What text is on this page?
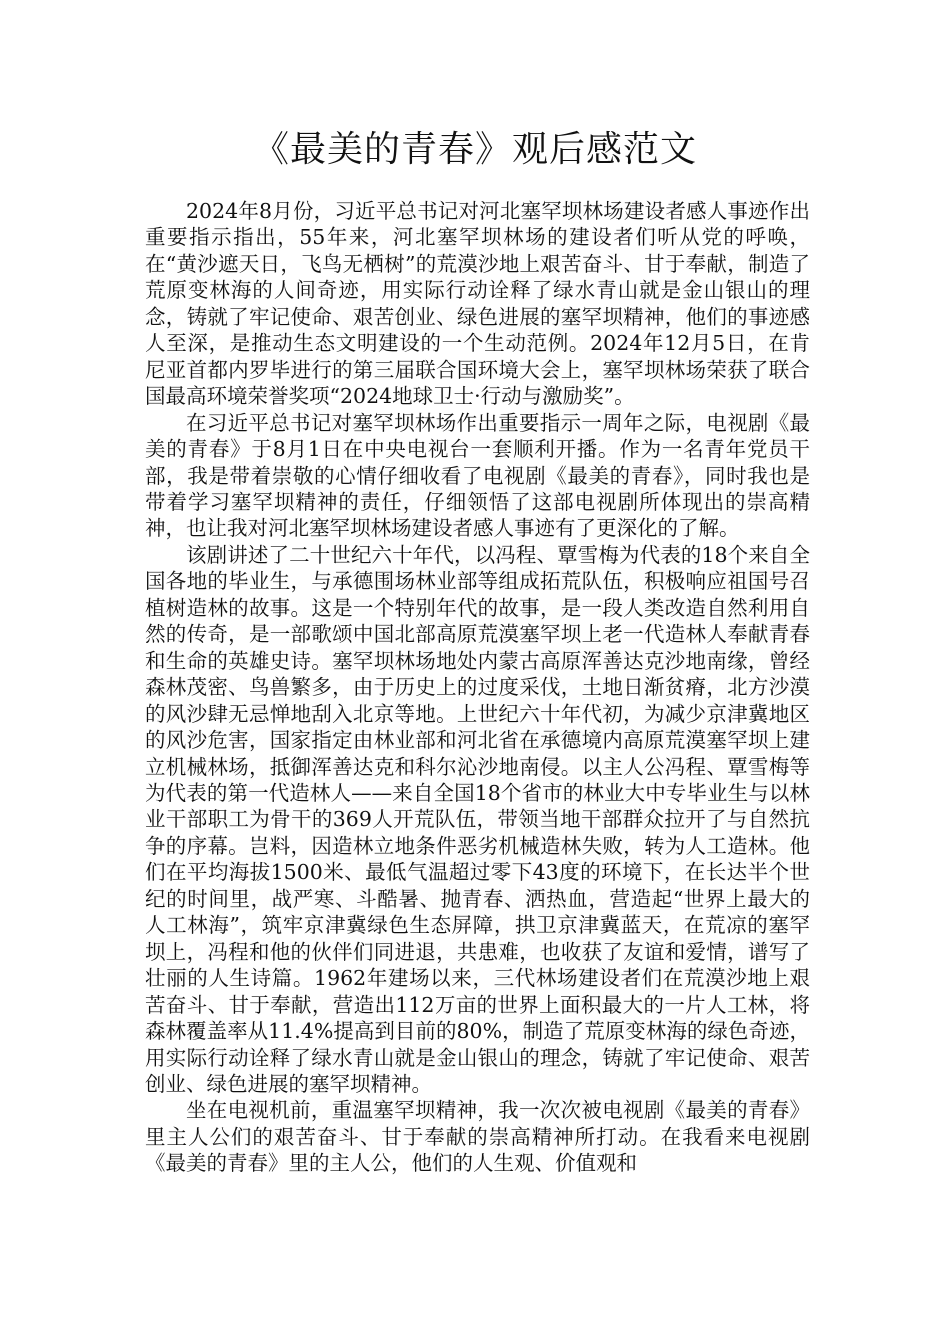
《最美的青春》观后感范文

2024年8月份，习近平总书记对河北塞罕坝林场建设者感人事迹作出重要指示指出，55年来，河北塞罕坝林场的建设者们听从党的呼唤，在“黄沙遮天日，飞鸟无栖树”的荒漠沙地上艰苦奋斗、甘于奉献，制造了荒原变林海的人间奇迹，用实际行动诠释了绿水青山就是金山银山的理念，铸就了牢记使命、艰苦创业、绿色进展的塞罕坝精神，他们的事迹感人至深，是推动生态文明建设的一个生动范例。2024年12月5日，在肯尼亚首都内罗毕进行的第三届联合国环境大会上，塞罕坝林场荣获了联合国最高环境荣誉奖项“2024地球卫士·行动与激励奖”。

在习近平总书记对塞罕坝林场作出重要指示一周年之际，电视剧《最美的青春》于8月1日在中央电视台一套顺利开播。作为一名青年党员干部，我是带着崇敬的心情仔细收看了电视剧《最美的青春》，同时我也是带着学习塞罕坝精神的责任，仔细领悟了这部电视剧所体现出的崇高精神，也让我对河北塞罕坝林场建设者感人事迹有了更深化的了解。

该剧讲述了二十世纪六十年代，以冯程、覃雪梅为代表的18个来自全国各地的毕业生，与承德围场林业部等组成拓荒队伍，积极响应祖国号召植树造林的故事。这是一个特别年代的故事，是一段人类改造自然利用自然的传奇，是一部歌颂中国北部高原荒漠塞罕坝上老一代造林人奉献青春和生命的英雄史诗。塞罕坝林场地处内蒙古高原浑善达克沙地南缘，曾经森林茂密、鸟兽繁多，由于历史上的过度采伐，土地日渐贫瘠，北方沙漠的风沙肆无忌惮地刮入北京等地。上世纪六十年代初，为减少京津冀地区的风沙危害，国家指定由林业部和河北省在承德境内高原荒漠塞罕坝上建立机械林场，抵御浑善达克和科尔沁沙地南侵。以主人公冯程、覃雪梅等为代表的第一代造林人——来自全国18个省市的林业大中专毕业生与以林业干部职工为骨干的369人开荒队伍，带领当地干部群众拉开了与自然抗争的序幕。岂料，因造林立地条件恶劣机械造林失败，转为人工造林。他们在平均海拔1500米、最低气温超过零下43度的环境下，在长达半个世纪的时间里，战严寒、斗酷暑、抛青春、洒热血，营造起“世界上最大的人工林海”，筑牢京津冀绿色生态屏障，拱卫京津冀蓝天，在荒凉的塞罕坝上，冯程和他的伙伴们同进退，共患难，也收获了友谊和爱情，谱写了壮丽的人生诗篇。1962年建场以来，三代林场建设者们在荒漠沙地上艰苦奋斗、甘于奉献，营造出112万亩的世界上面积最大的一片人工林，将森林覆盖率从11.4%提高到目前的80%，制造了荒原变林海的绿色奇迹，用实际行动诠释了绿水青山就是金山银山的理念，铸就了牢记使命、艰苦创业、绿色进展的塞罕坝精神。

坐在电视机前，重温塞罕坝精神，我一次次被电视剧《最美的青春》里主人公们的艰苦奋斗、甘于奉献的崇高精神所打动。在我看来电视剧《最美的青春》里的主人公，他们的人生观、价值观和
